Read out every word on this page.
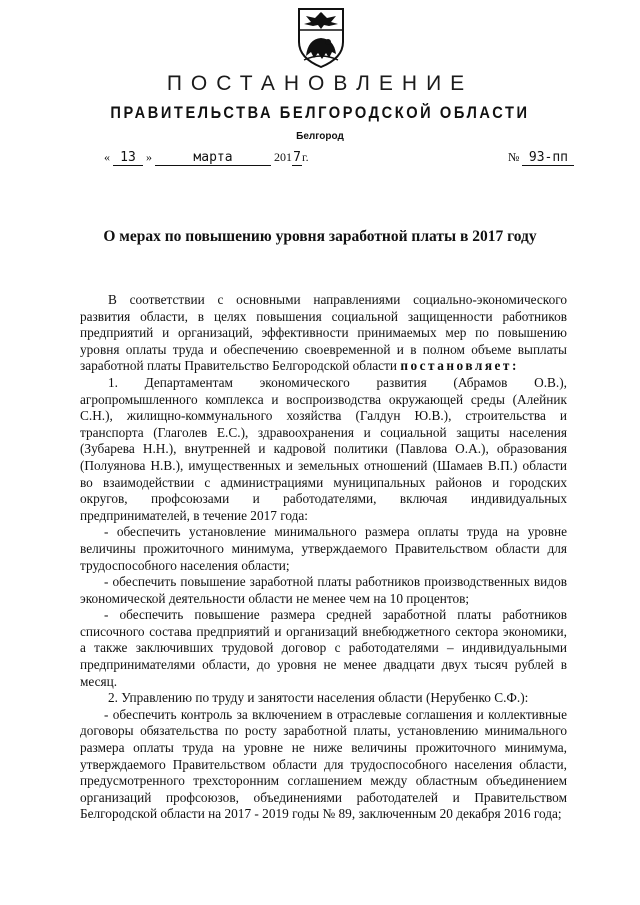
ПОСТАНОВЛЕНИЕ
ПРАВИТЕЛЬСТВА БЕЛГОРОДСКОЙ ОБЛАСТИ
Белгород
« 13 »	марта	2017г.	№ 93-пп
О мерах по повышению уровня заработной платы в 2017 году

В соответствии с основными направлениями социально-экономического развития области, в целях повышения социальной защищенности работников предприятий и организаций, эффективности принимаемых мер по повышению уровня оплаты труда и обеспечению своевременной и в полном объеме выплаты заработной платы Правительство Белгородской области постановляет:

1. Департаментам экономического развития (Абрамов О.В.), агропромышленного комплекса и воспроизводства окружающей среды (Алейник С.Н.), жилищно-коммунального хозяйства (Галдун Ю.В.), строительства и транспорта (Глаголев Е.С.), здравоохранения и социальной защиты населения (Зубарева Н.Н.), внутренней и кадровой политики (Павлова О.А.), образования (Полуянова Н.В.), имущественных и земельных отношений (Шамаев В.П.) области во взаимодействии с администрациями муниципальных районов и городских округов, профсоюзами и работодателями, включая индивидуальных предпринимателей, в течение 2017 года:

- обеспечить установление минимального размера оплаты труда на уровне величины прожиточного минимума, утверждаемого Правительством области для трудоспособного населения области;

- обеспечить повышение заработной платы работников производственных видов экономической деятельности области не менее чем на 10 процентов;

- обеспечить повышение размера средней заработной платы работников списочного состава предприятий и организаций внебюджетного сектора экономики, а также заключивших трудовой договор с работодателями – индивидуальными предпринимателями области, до уровня не менее двадцати двух тысяч рублей в месяц.

2. Управлению по труду и занятости населения области (Нерубенко С.Ф.):

- обеспечить контроль за включением в отраслевые соглашения и коллективные договоры обязательства по росту заработной платы, установлению минимального размера оплаты труда на уровне не ниже величины прожиточного минимума, утверждаемого Правительством области для трудоспособного населения области, предусмотренного трехсторонним соглашением между областным объединением организаций профсоюзов, объединениями работодателей и Правительством Белгородской области на 2017 - 2019 годы № 89, заключенным 20 декабря 2016 года;
